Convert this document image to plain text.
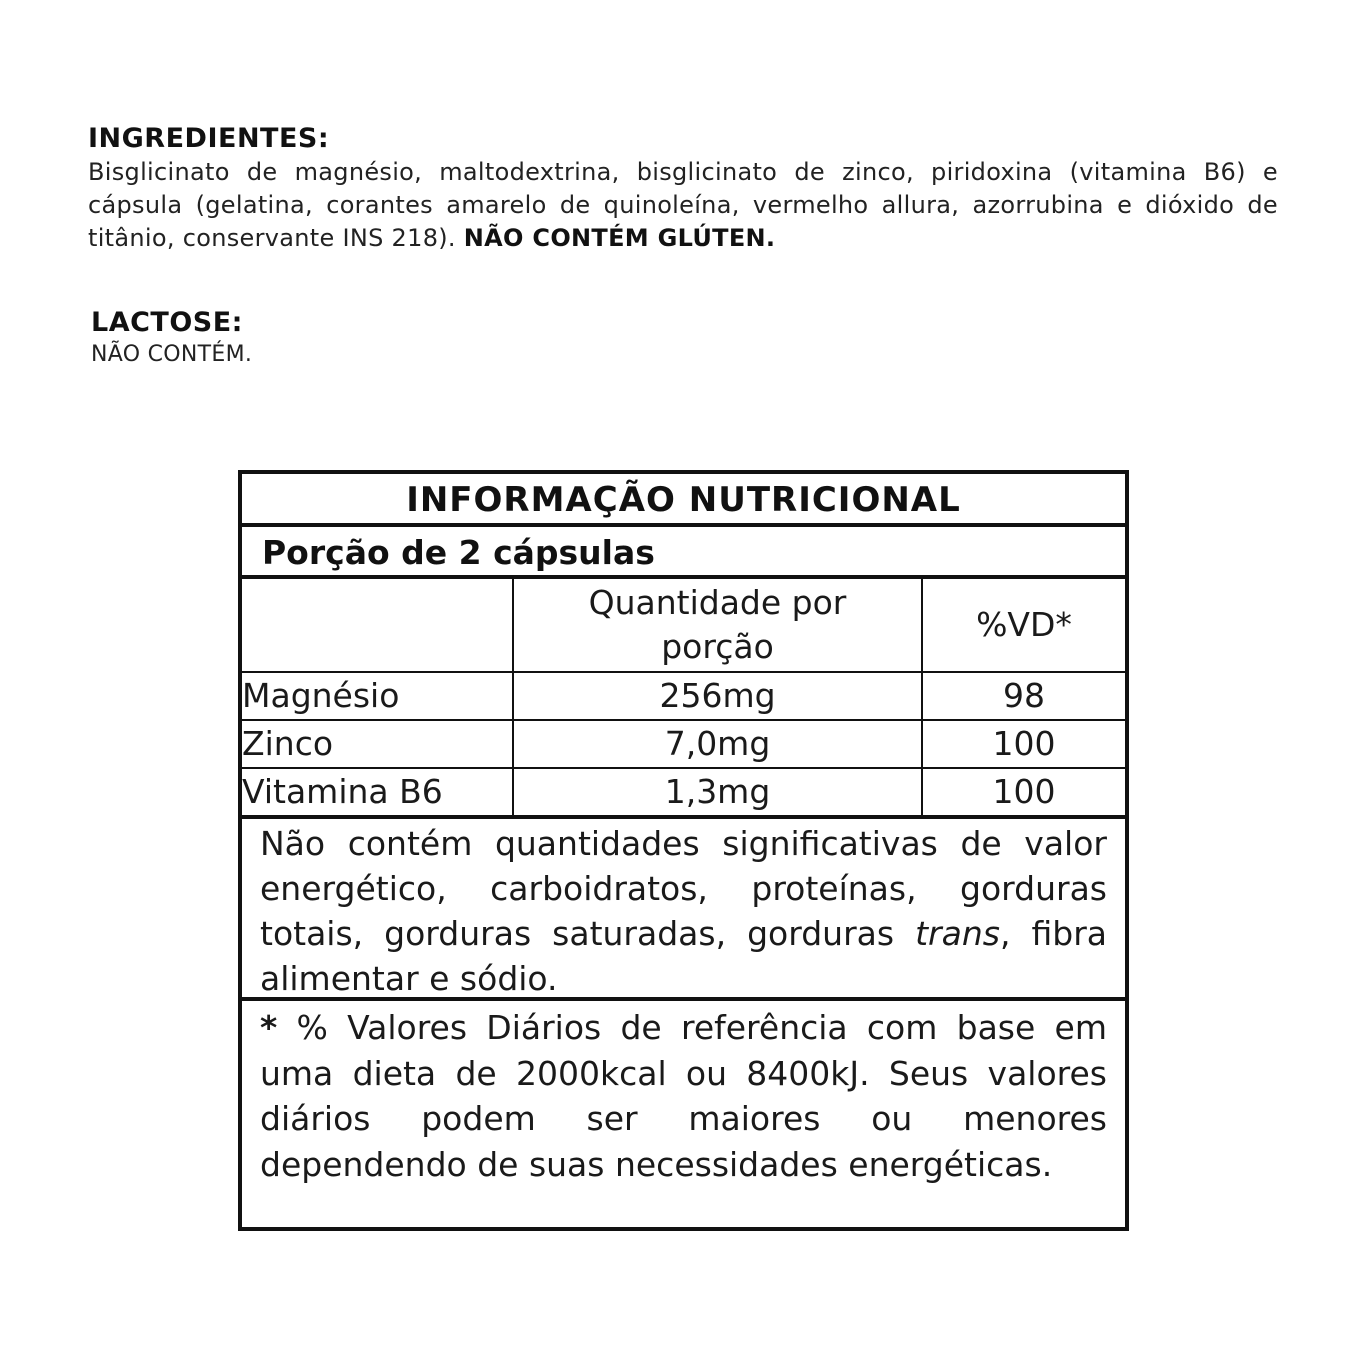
INGREDIENTES:
Bisglicinato de magnésio, maltodextrina, bisglicinato de zinco, piridoxina (vitamina B6) e cápsula (gelatina, corantes amarelo de quinoleína, vermelho allura, azorrubina e dióxido de titânio, conservante INS 218). NÃO CONTÉM GLÚTEN.
LACTOSE:
NÃO CONTÉM.
INFORMAÇÃO NUTRICIONAL
Porção de 2 cápsulas
	Quantidade por porção	%VD*
Magnésio	256mg	98
Zinco	7,0mg	100
Vitamina B6	1,3mg	100
Não contém quantidades significativas de valor energético, carboidratos, proteínas, gorduras totais, gorduras saturadas, gorduras trans, fibra alimentar e sódio.
* % Valores Diários de referência com base em uma dieta de 2000kcal ou 8400kJ. Seus valores diários podem ser maiores ou menores dependendo de suas necessidades energéticas.
